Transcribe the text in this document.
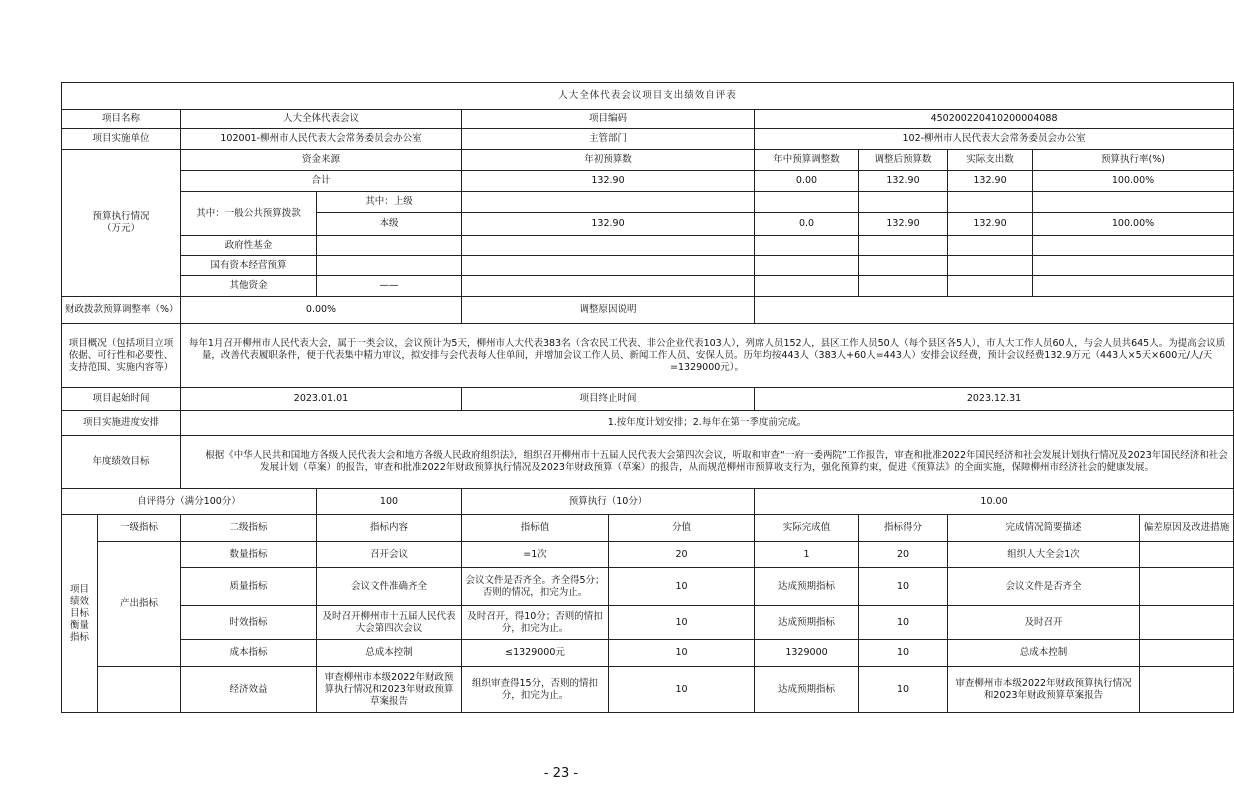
人大全体代表会议项目支出绩效自评表										
项目名称		人大全体代表会议		项目编码		450200220410200004088				
项目实施单位		102001-柳州市人民代表大会常务委员会办公室		主管部门		102-柳州市人民代表大会常务委员会办公室				
预算执行情况
（万元）		资金来源		年初预算数		年中预算调整数	调整后预算数	实际支出数	预算执行率(%)	
		合计		132.90		0.00	132.90	132.90	100.00%	
		其中：一般公共预算拨款	其中：上级							
			本级	132.90		0.0	132.90	132.90	100.00%	
		政府性基金								
		国有资本经营预算								
		其他资金	——							
财政拨款预算调整率（%）		0.00%		调整原因说明						
项目概况（包括项目立项依据、可行性和必要性、支持范围、实施内容等）		每年1月召开柳州市人民代表大会，属于一类会议，会议预计为5天，柳州市人大代表383名（含农民工代表、非公企业代表103人），列席人员152人，县区工作人员50人（每个县区各5人），市人大工作人员60人，与会人员共645人。为提高会议质量，改善代表履职条件，便于代表集中精力审议，拟安排与会代表每人住单间，并增加会议工作人员、新闻工作人员、安保人员。历年均按443人（383人+60人=443人）安排会议经费，预计会议经费132.9万元（443人×5天×600元/人/天=1329000元）。								
项目起始时间		2023.01.01		项目终止时间		2023.12.31				
项目实施进度安排		1.按年度计划安排；2.每年在第一季度前完成。								
年度绩效目标		根据《中华人民共和国地方各级人民代表大会和地方各级人民政府组织法》，组织召开柳州市十五届人民代表大会第四次会议，听取和审查“一府一委两院”工作报告，审查和批准2022年国民经济和社会发展计划执行情况及2023年国民经济和社会发展计划（草案）的报告，审查和批准2022年财政预算执行情况及2023年财政预算（草案）的报告，从而规范柳州市预算收支行为，强化预算约束，促进《预算法》的全面实施，保障柳州市经济社会的健康发展。								
自评得分（满分100分）			100	预算执行（10分）		10.00				
项目
绩效
目标
衡量
指标	一级指标	二级指标	指标内容	指标值	分值	实际完成值	指标得分	完成情况简要描述		偏差原因及改进措施
	产出指标	数量指标	召开会议	=1次	20	1	20	组织人大全会1次		
		质量指标	会议文件准确齐全	会议文件是否齐全。齐全得5分；否则的情况，扣完为止。	10	达成预期指标	10	会议文件是否齐全		
		时效指标	及时召开柳州市十五届人民代表大会第四次会议	及时召开，得10分；否则的情扣分，扣完为止。	10	达成预期指标	10	及时召开		
		成本指标	总成本控制	≤1329000元	10	1329000	10	总成本控制		
		经济效益	审查柳州市本级2022年财政预算执行情况和2023年财政预算草案报告	组织审查得15分，否则的情扣分，扣完为止。	10	达成预期指标	10	审查柳州市本级2022年财政预算执行情况和2023年财政预算草案报告		
- 23 -
